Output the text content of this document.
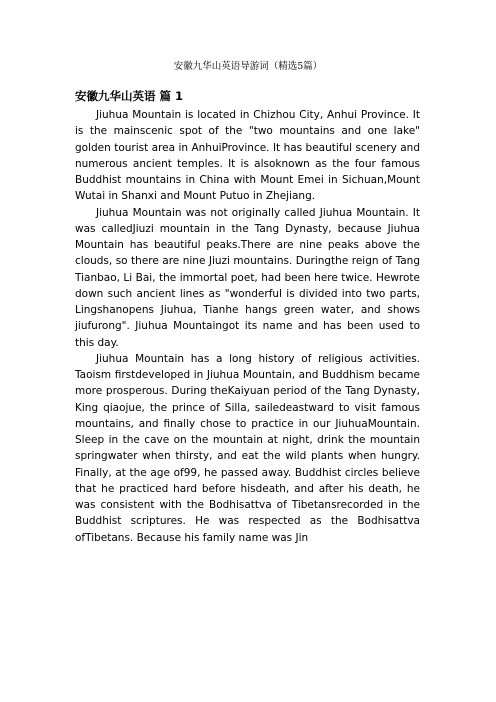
安徽九华山英语导游词（精选5篇）
安徽九华山英语 篇 1

Jiuhua Mountain is located in Chizhou City, Anhui Province. It is the mainscenic spot of the "two mountains and one lake" golden tourist area in AnhuiProvince. It has beautiful scenery and numerous ancient temples. It is alsoknown as the four famous Buddhist mountains in China with Mount Emei in Sichuan,Mount Wutai in Shanxi and Mount Putuo in Zhejiang.

Jiuhua Mountain was not originally called Jiuhua Mountain. It was calledJiuzi mountain in the Tang Dynasty, because Jiuhua Mountain has beautiful peaks.There are nine peaks above the clouds, so there are nine Jiuzi mountains. Duringthe reign of Tang Tianbao, Li Bai, the immortal poet, had been here twice. Hewrote down such ancient lines as "wonderful is divided into two parts, Lingshanopens Jiuhua, Tianhe hangs green water, and shows jiufurong". Jiuhua Mountaingot its name and has been used to this day.

Jiuhua Mountain has a long history of religious activities. Taoism firstdeveloped in Jiuhua Mountain, and Buddhism became more prosperous. During theKaiyuan period of the Tang Dynasty, King qiaojue, the prince of Silla, sailedeastward to visit famous mountains, and finally chose to practice in our JiuhuaMountain. Sleep in the cave on the mountain at night, drink the mountain springwater when thirsty, and eat the wild plants when hungry. Finally, at the age of99, he passed away. Buddhist circles believe that he practiced hard before hisdeath, and after his death, he was consistent with the Bodhisattva of Tibetansrecorded in the Buddhist scriptures. He was respected as the Bodhisattva ofTibetans. Because his family name was Jin
